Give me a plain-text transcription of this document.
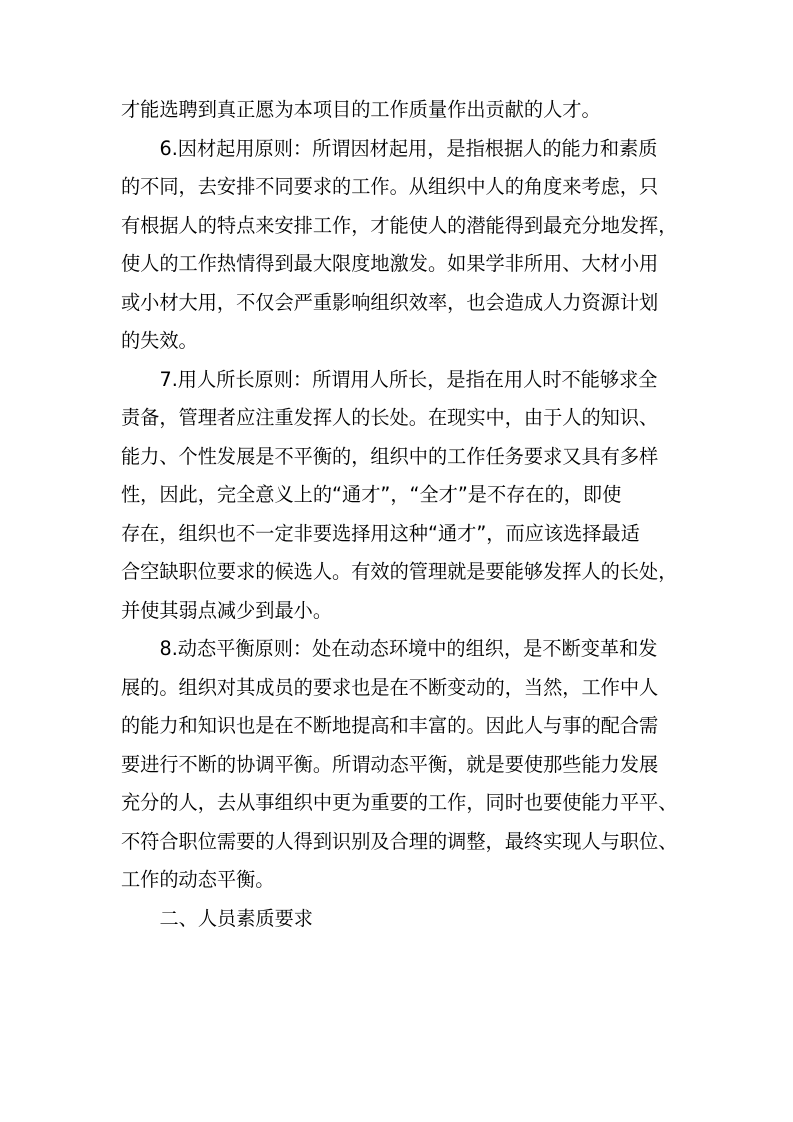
才能选聘到真正愿为本项目的工作质量作出贡献的人才。
6.因材起用原则：所谓因材起用，是指根据人的能力和素质
的不同，去安排不同要求的工作。从组织中人的角度来考虑，只
有根据人的特点来安排工作，才能使人的潜能得到最充分地发挥，
使人的工作热情得到最大限度地激发。如果学非所用、大材小用
或小材大用，不仅会严重影响组织效率，也会造成人力资源计划
的失效。
7.用人所长原则：所谓用人所长，是指在用人时不能够求全
责备，管理者应注重发挥人的长处。在现实中，由于人的知识、
能力、个性发展是不平衡的，组织中的工作任务要求又具有多样
性，因此，完全意义上的“通才”，“全才”是不存在的，即使
存在，组织也不一定非要选择用这种“通才”，而应该选择最适
合空缺职位要求的候选人。有效的管理就是要能够发挥人的长处，
并使其弱点减少到最小。
8.动态平衡原则：处在动态环境中的组织，是不断变革和发
展的。组织对其成员的要求也是在不断变动的，当然，工作中人
的能力和知识也是在不断地提高和丰富的。因此人与事的配合需
要进行不断的协调平衡。所谓动态平衡，就是要使那些能力发展
充分的人，去从事组织中更为重要的工作，同时也要使能力平平、
不符合职位需要的人得到识别及合理的调整，最终实现人与职位、
工作的动态平衡。
二、人员素质要求
